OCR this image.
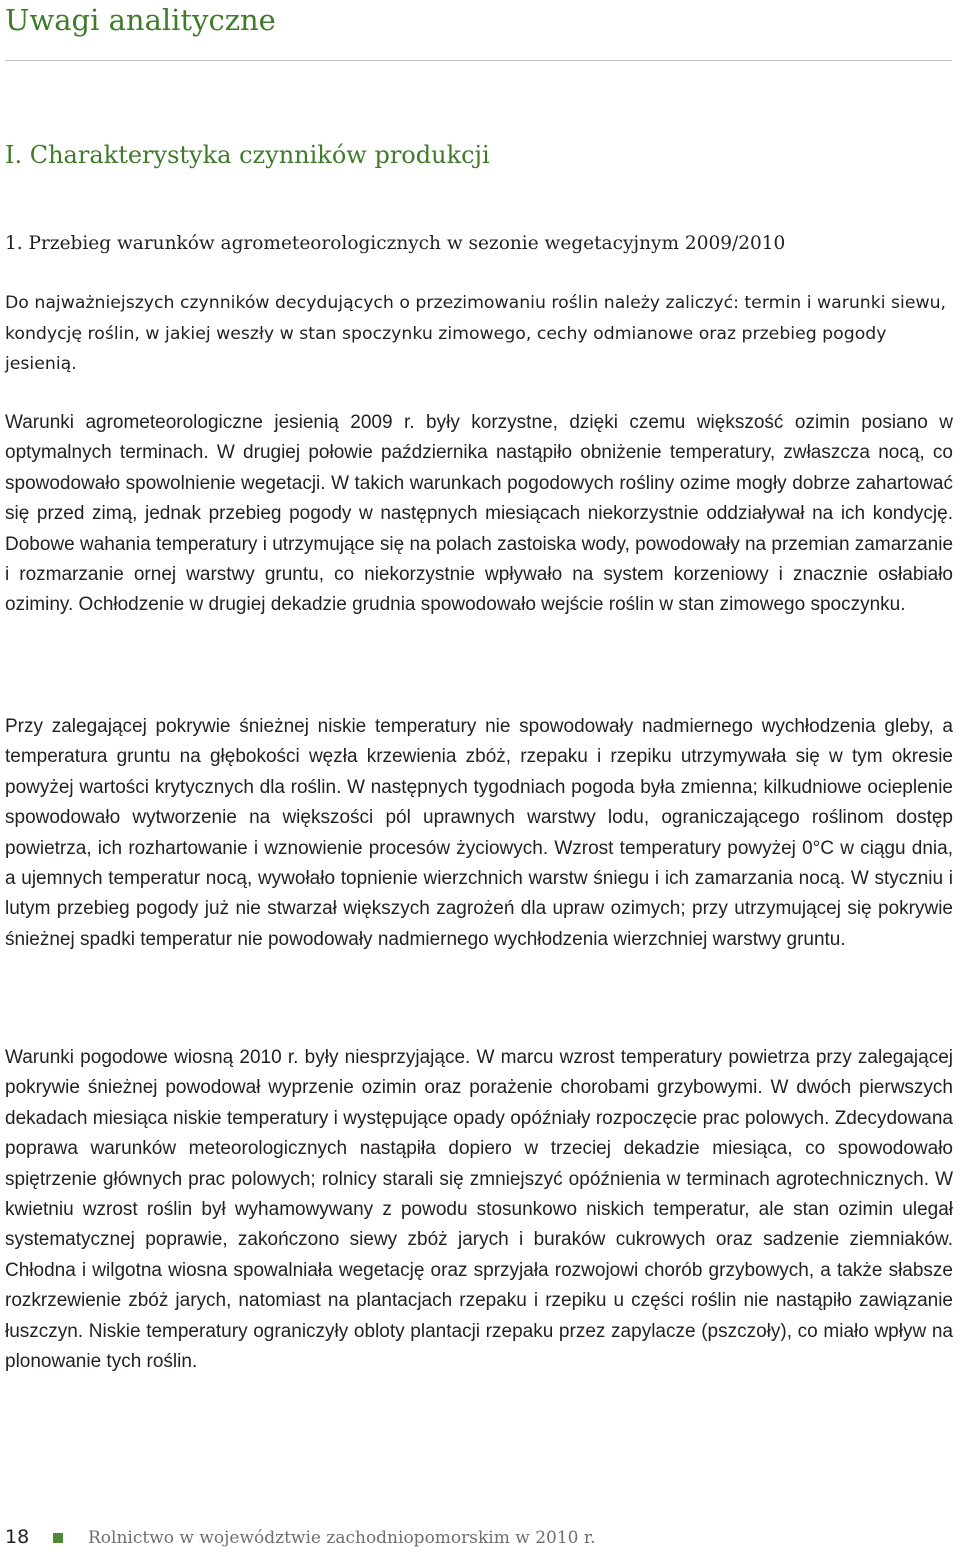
Uwagi analityczne
I. Charakterystyka czynników produkcji
1. Przebieg warunków agrometeorologicznych w sezonie wegetacyjnym 2009/2010

Do najważniejszych czynników decydujących o przezimowaniu roślin należy zaliczyć: termin i warunki siewu, kondycję roślin, w jakiej weszły w stan spoczynku zimowego, cechy odmianowe oraz przebieg pogody jesienią.

Warunki agrometeorologiczne jesienią 2009 r. były korzystne, dzięki czemu większość ozimin posiano w optymalnych terminach. W drugiej połowie października nastąpiło obniżenie temperatury, zwłaszcza nocą, co spowodowało spowolnienie wegetacji. W takich warunkach pogodowych rośliny ozime mogły dobrze zahartować się przed zimą, jednak przebieg pogody w następnych miesiącach niekorzystnie oddziaływał na ich kondycję. Dobowe wahania temperatury i utrzymujące się na polach zastoiska wody, powodowały na przemian zamarzanie i rozmarzanie ornej warstwy gruntu, co niekorzystnie wpływało na system korzeniowy i znacznie osłabiało oziminy. Ochłodzenie w drugiej dekadzie grudnia spowodowało wejście roślin w stan zimowego spoczynku.

Przy zalegającej pokrywie śnieżnej niskie temperatury nie spowodowały nadmiernego wychłodzenia gleby, a temperatura gruntu na głębokości węzła krzewienia zbóż, rzepaku i rzepiku utrzymywała się w tym okresie powyżej wartości krytycznych dla roślin. W następnych tygodniach pogoda była zmienna; kilkudniowe ocieplenie spowodowało wytworzenie na większości pól uprawnych warstwy lodu, ograniczającego roślinom dostęp powietrza, ich rozhartowanie i wznowienie procesów życiowych. Wzrost temperatury powyżej 0°C w ciągu dnia, a ujemnych temperatur nocą, wywołało topnienie wierzchnich warstw śniegu i ich zamarzania nocą. W styczniu i lutym przebieg pogody już nie stwarzał większych zagrożeń dla upraw ozimych; przy utrzymującej się pokrywie śnieżnej spadki temperatur nie powodowały nadmiernego wychłodzenia wierzchniej warstwy gruntu.

Warunki pogodowe wiosną 2010 r. były niesprzyjające. W marcu wzrost temperatury powietrza przy zalegającej pokrywie śnieżnej powodował wyprzenie ozimin oraz porażenie chorobami grzybowymi. W dwóch pierwszych dekadach miesiąca niskie temperatury i występujące opady opóźniały rozpoczęcie prac polowych. Zdecydowana poprawa warunków meteorologicznych nastąpiła dopiero w trzeciej dekadzie miesiąca, co spowodowało spiętrzenie głównych prac polowych; rolnicy starali się zmniejszyć opóźnienia w terminach agrotechnicznych. W kwietniu wzrost roślin był wyhamowywany z powodu stosunkowo niskich temperatur, ale stan ozimin ulegał systematycznej poprawie, zakończono siewy zbóż jarych i buraków cukrowych oraz sadzenie ziemniaków. Chłodna i wilgotna wiosna spowalniała wegetację oraz sprzyjała rozwojowi chorób grzybowych, a także słabsze rozkrzewienie zbóż jarych, natomiast na plantacjach rzepaku i rzepiku u części roślin nie nastąpiło zawiązanie łuszczyn. Niskie temperatury ograniczyły obloty plantacji rzepaku przez zapylacze (pszczoły), co miało wpływ na plonowanie tych roślin.

18	Rolnictwo w województwie zachodniopomorskim w 2010 r.
